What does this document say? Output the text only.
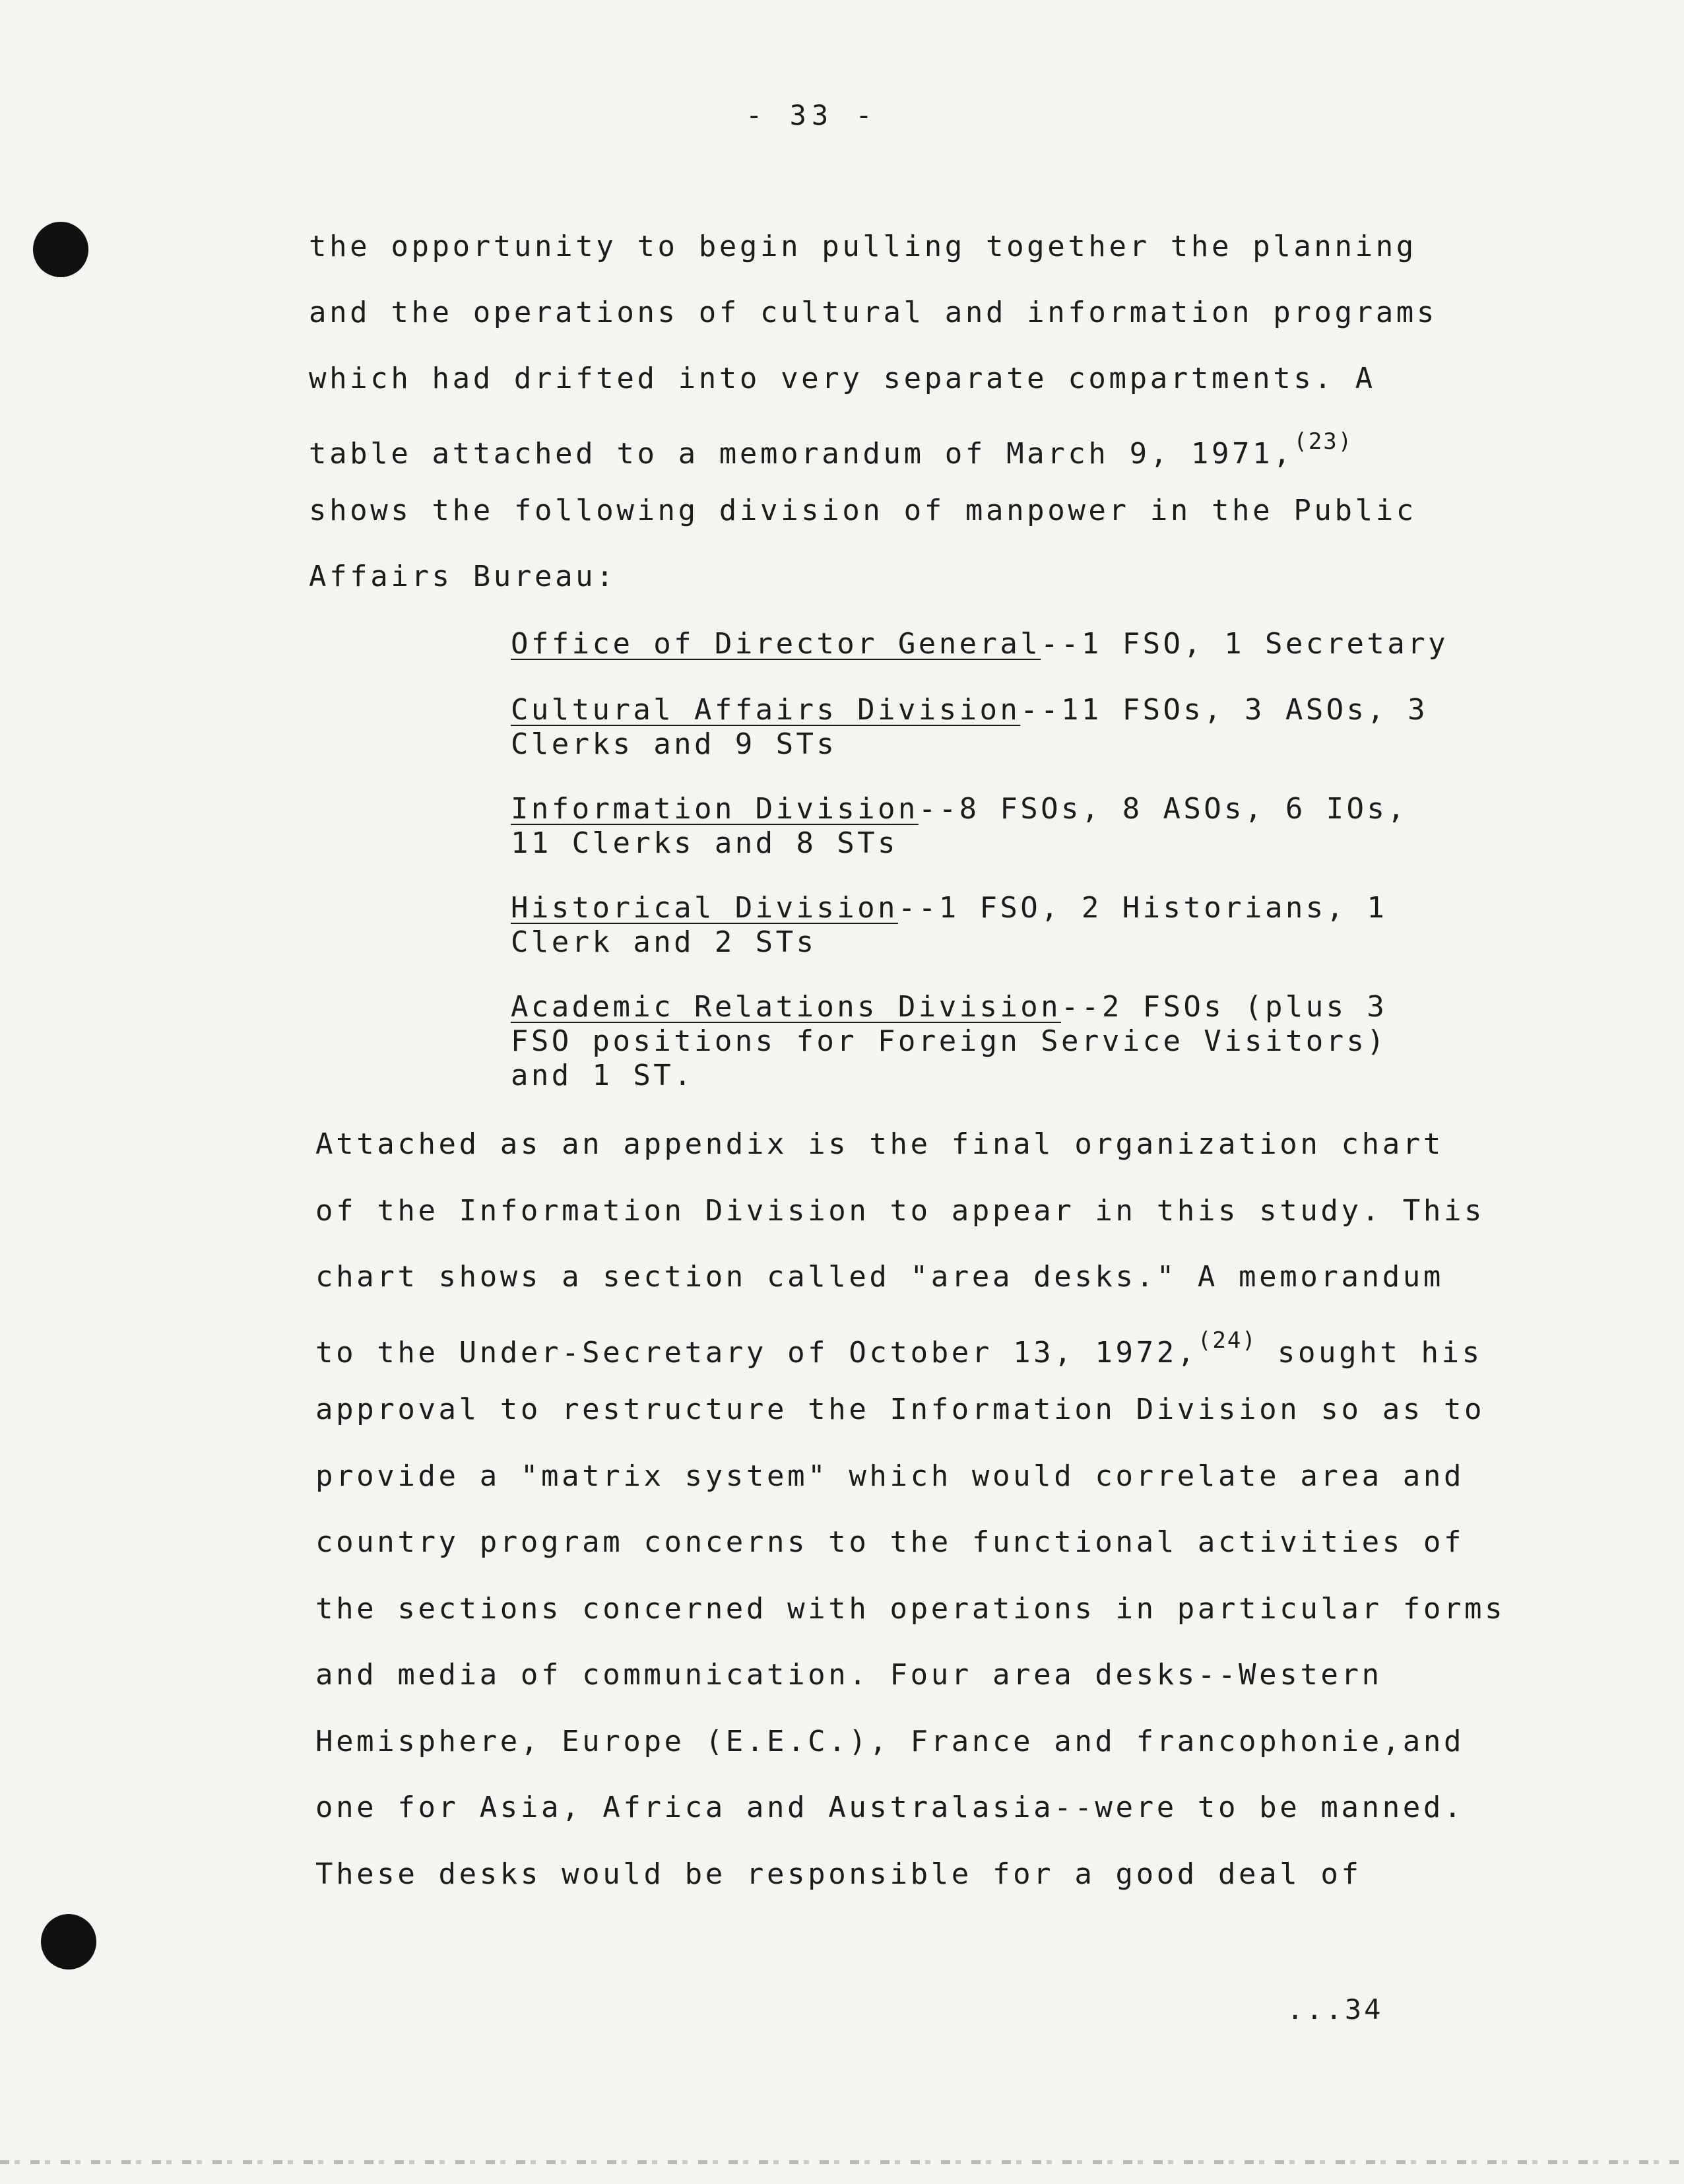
- 33 -
the opportunity to begin pulling together the planning
and the operations of cultural and information programs
which had drifted into very separate compartments. A
table attached to a memorandum of March 9, 1971,$^{(23)}$
shows the following division of manpower in the Public
Affairs Bureau:
Office of Director General--1 FSO, 1 Secretary
Cultural Affairs Division--11 FSOs, 3 ASOs, 3
Clerks and 9 STs
Information Division--8 FSOs, 8 ASOs, 6 IOs,
11 Clerks and 8 STs
Historical Division--1 FSO, 2 Historians, 1
Clerk and 2 STs
Academic Relations Division--2 FSOs (plus 3
FSO positions for Foreign Service Visitors)
and 1 ST.
Attached as an appendix is the final organization chart
of the Information Division to appear in this study. This
chart shows a section called "area desks." A memorandum
to the Under-Secretary of October 13, 1972,$^{(24)}$ sought his
approval to restructure the Information Division so as to
provide a "matrix system" which would correlate area and
country program concerns to the functional activities of
the sections concerned with operations in particular forms
and media of communication. Four area desks--Western
Hemisphere, Europe (E.E.C.), France and francophonie,and
one for Asia, Africa and Australasia--were to be manned.
These desks would be responsible for a good deal of
...34
